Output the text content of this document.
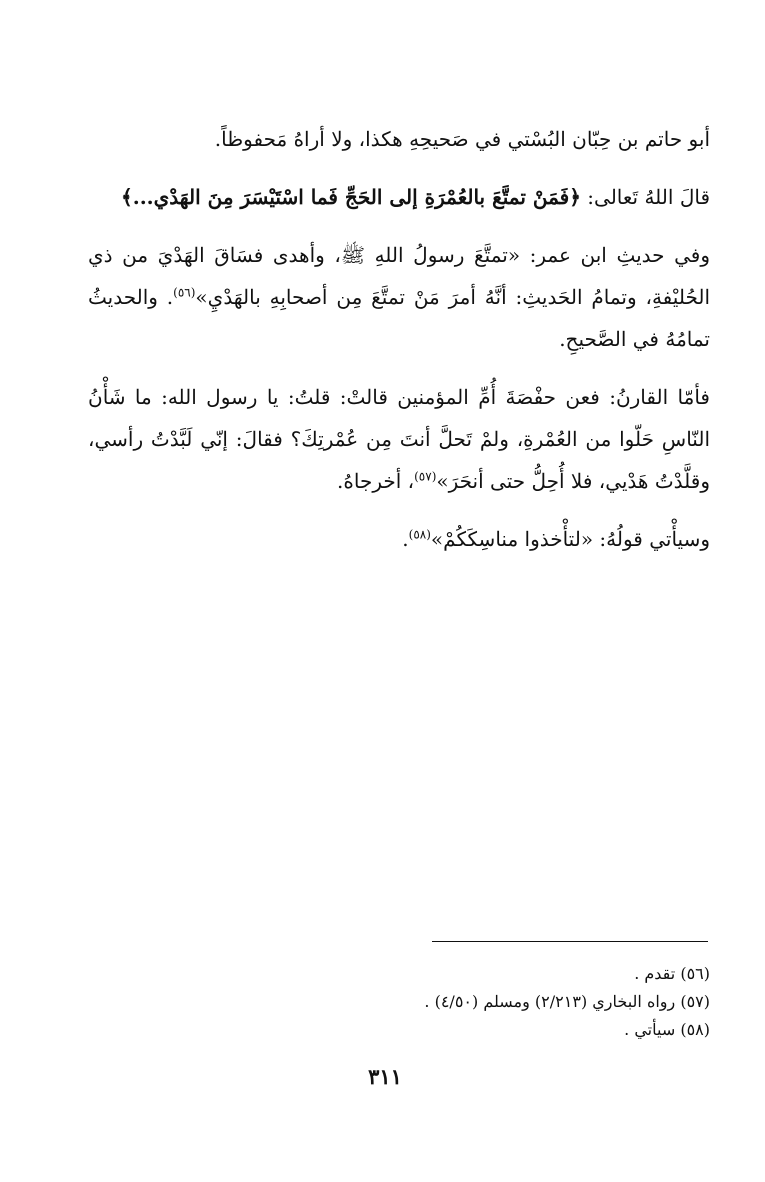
أبو حاتم بن حِبّان البُسْتي في صَحيحِهِ هكذا، ولا أراهُ مَحفوظاً.

قالَ اللهُ تَعالى: ﴿فَمَنْ تمتَّعَ بالعُمْرَةِ إلى الحَجِّ فَما اسْتَيْسَرَ مِنَ الهَدْي...﴾

وفي حديثِ ابن عمر: «تمتَّعَ رسولُ اللهِ ﷺ، وأهدى فسَاقَ الهَدْيَ من ذي الحُليْفةِ، وتمامُ الحَديثِ: أنَّهُ أمرَ مَنْ تمتَّعَ مِن أصحابِهِ بالهَدْيِ»$^{(٥٦)}$. والحديثُ تمامُهُ في الصَّحيحِ.

فأمّا القارنُ: فعن حفْصَةَ أُمِّ المؤمنين قالتْ: قلتُ: يا رسول الله: ما شَأْنُ النّاسِ حَلّوا من العُمْرةِ، ولمْ تَحلَّ أنتَ مِن عُمْرتِكَ؟ فقالَ: إنّي لَبَّدْتُ رأسي، وقلَّدْتُ هَدْيي، فلا أُحِلُّ حتى أنحَرَ»$^{(٥٧)}$، أخرجاهُ.

وسيأْتي قولُهُ: «لتأْخذوا مناسِكَكُمْ»$^{(٥٨)}$.

(٥٦) تقدم .

(٥٧) رواه البخاري (٢/٢١٣) ومسلم (٤/٥٠) .

(٥٨) سيأتي .

٣١١
